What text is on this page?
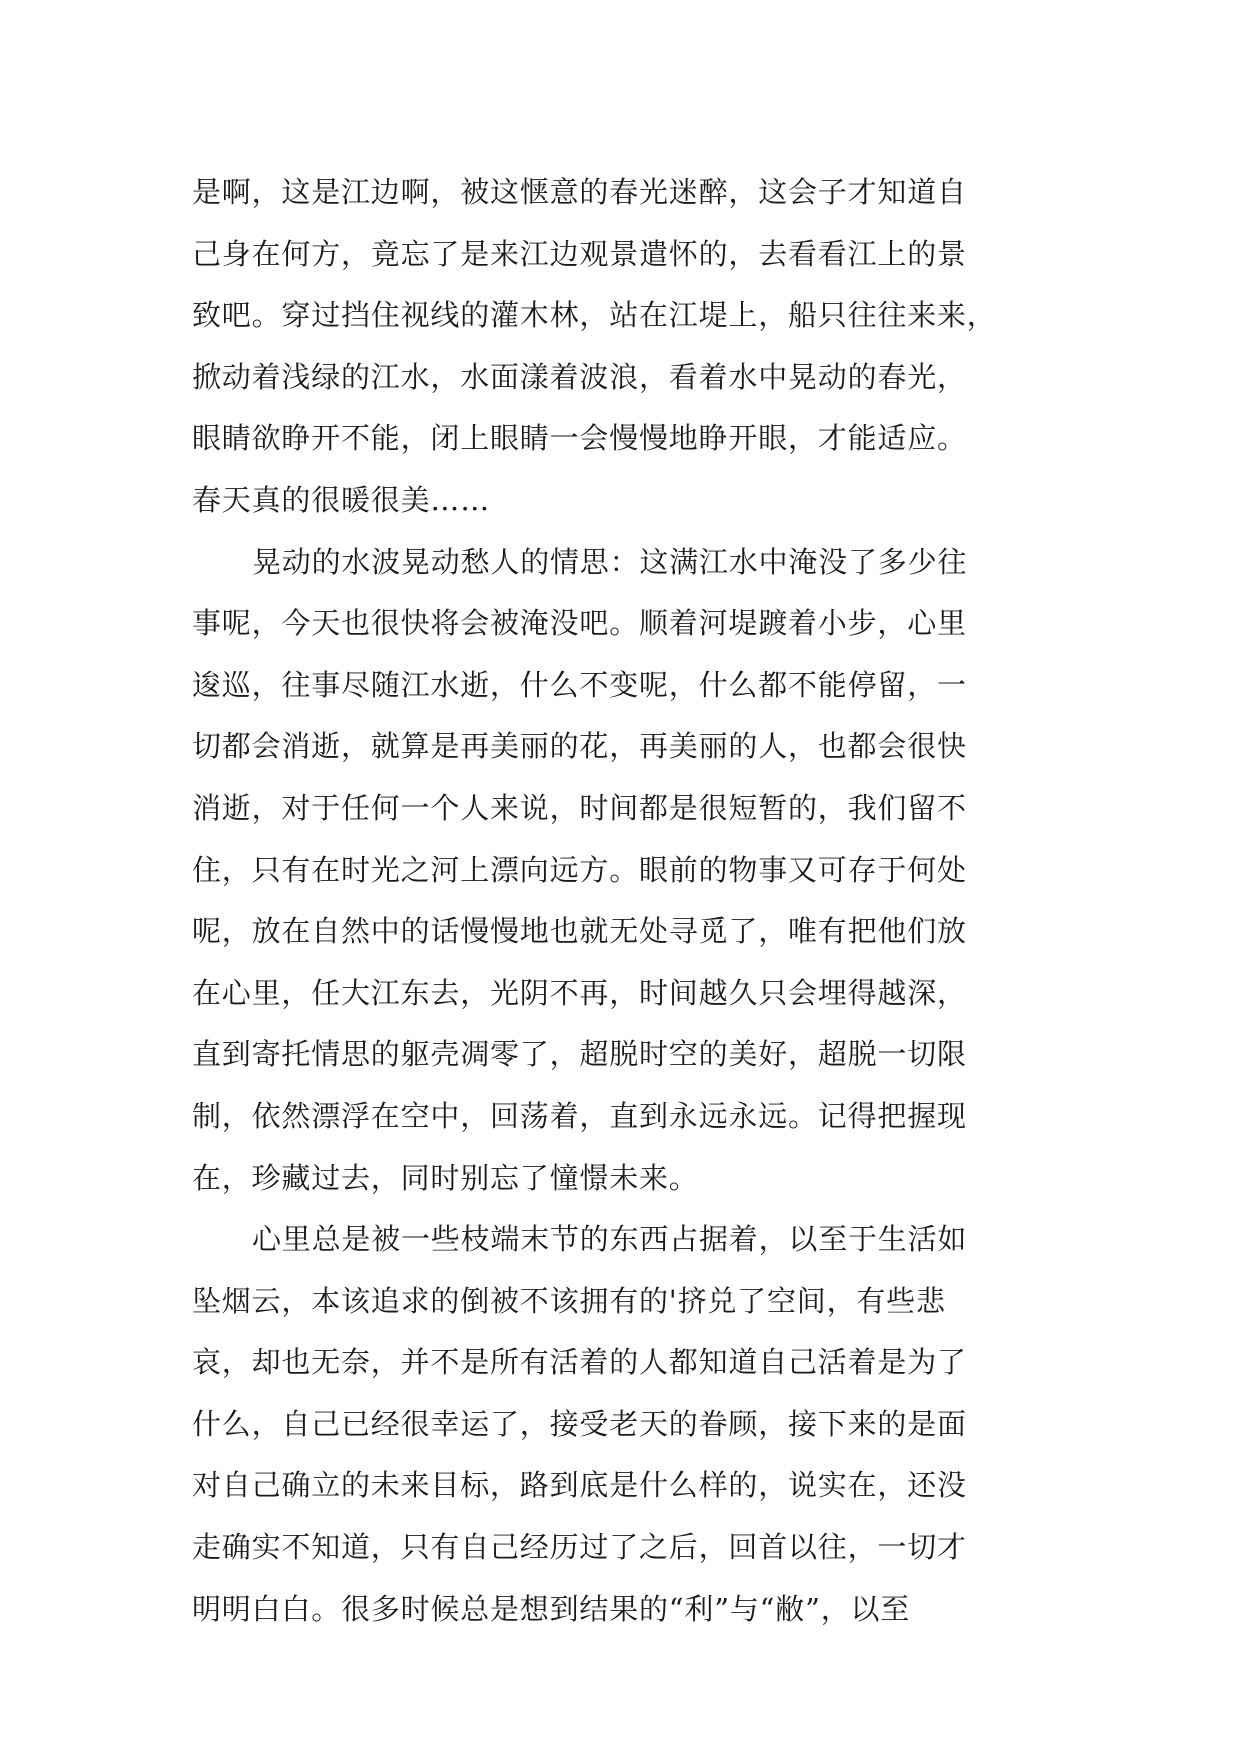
是啊，这是江边啊，被这惬意的春光迷醉，这会子才知道自
己身在何方，竟忘了是来江边观景遣怀的，去看看江上的景
致吧。穿过挡住视线的灌木林，站在江堤上，船只往往来来，
掀动着浅绿的江水，水面漾着波浪，看着水中晃动的春光，
眼睛欲睁开不能，闭上眼睛一会慢慢地睁开眼，才能适应。
春天真的很暖很美……
晃动的水波晃动愁人的情思：这满江水中淹没了多少往
事呢，今天也很快将会被淹没吧。顺着河堤踱着小步，心里
逡巡，往事尽随江水逝，什么不变呢，什么都不能停留，一
切都会消逝，就算是再美丽的花，再美丽的人，也都会很快
消逝，对于任何一个人来说，时间都是很短暂的，我们留不
住，只有在时光之河上漂向远方。眼前的物事又可存于何处
呢，放在自然中的话慢慢地也就无处寻觅了，唯有把他们放
在心里，任大江东去，光阴不再，时间越久只会埋得越深，
直到寄托情思的躯壳凋零了，超脱时空的美好，超脱一切限
制，依然漂浮在空中，回荡着，直到永远永远。记得把握现
在，珍藏过去，同时别忘了憧憬未来。
心里总是被一些枝端末节的东西占据着，以至于生活如
坠烟云，本该追求的倒被不该拥有的'挤兑了空间，有些悲
哀，却也无奈，并不是所有活着的人都知道自己活着是为了
什么，自己已经很幸运了，接受老天的眷顾，接下来的是面
对自己确立的未来目标，路到底是什么样的，说实在，还没
走确实不知道，只有自己经历过了之后，回首以往，一切才
明明白白。很多时候总是想到结果的“利”与“敝”，以至
